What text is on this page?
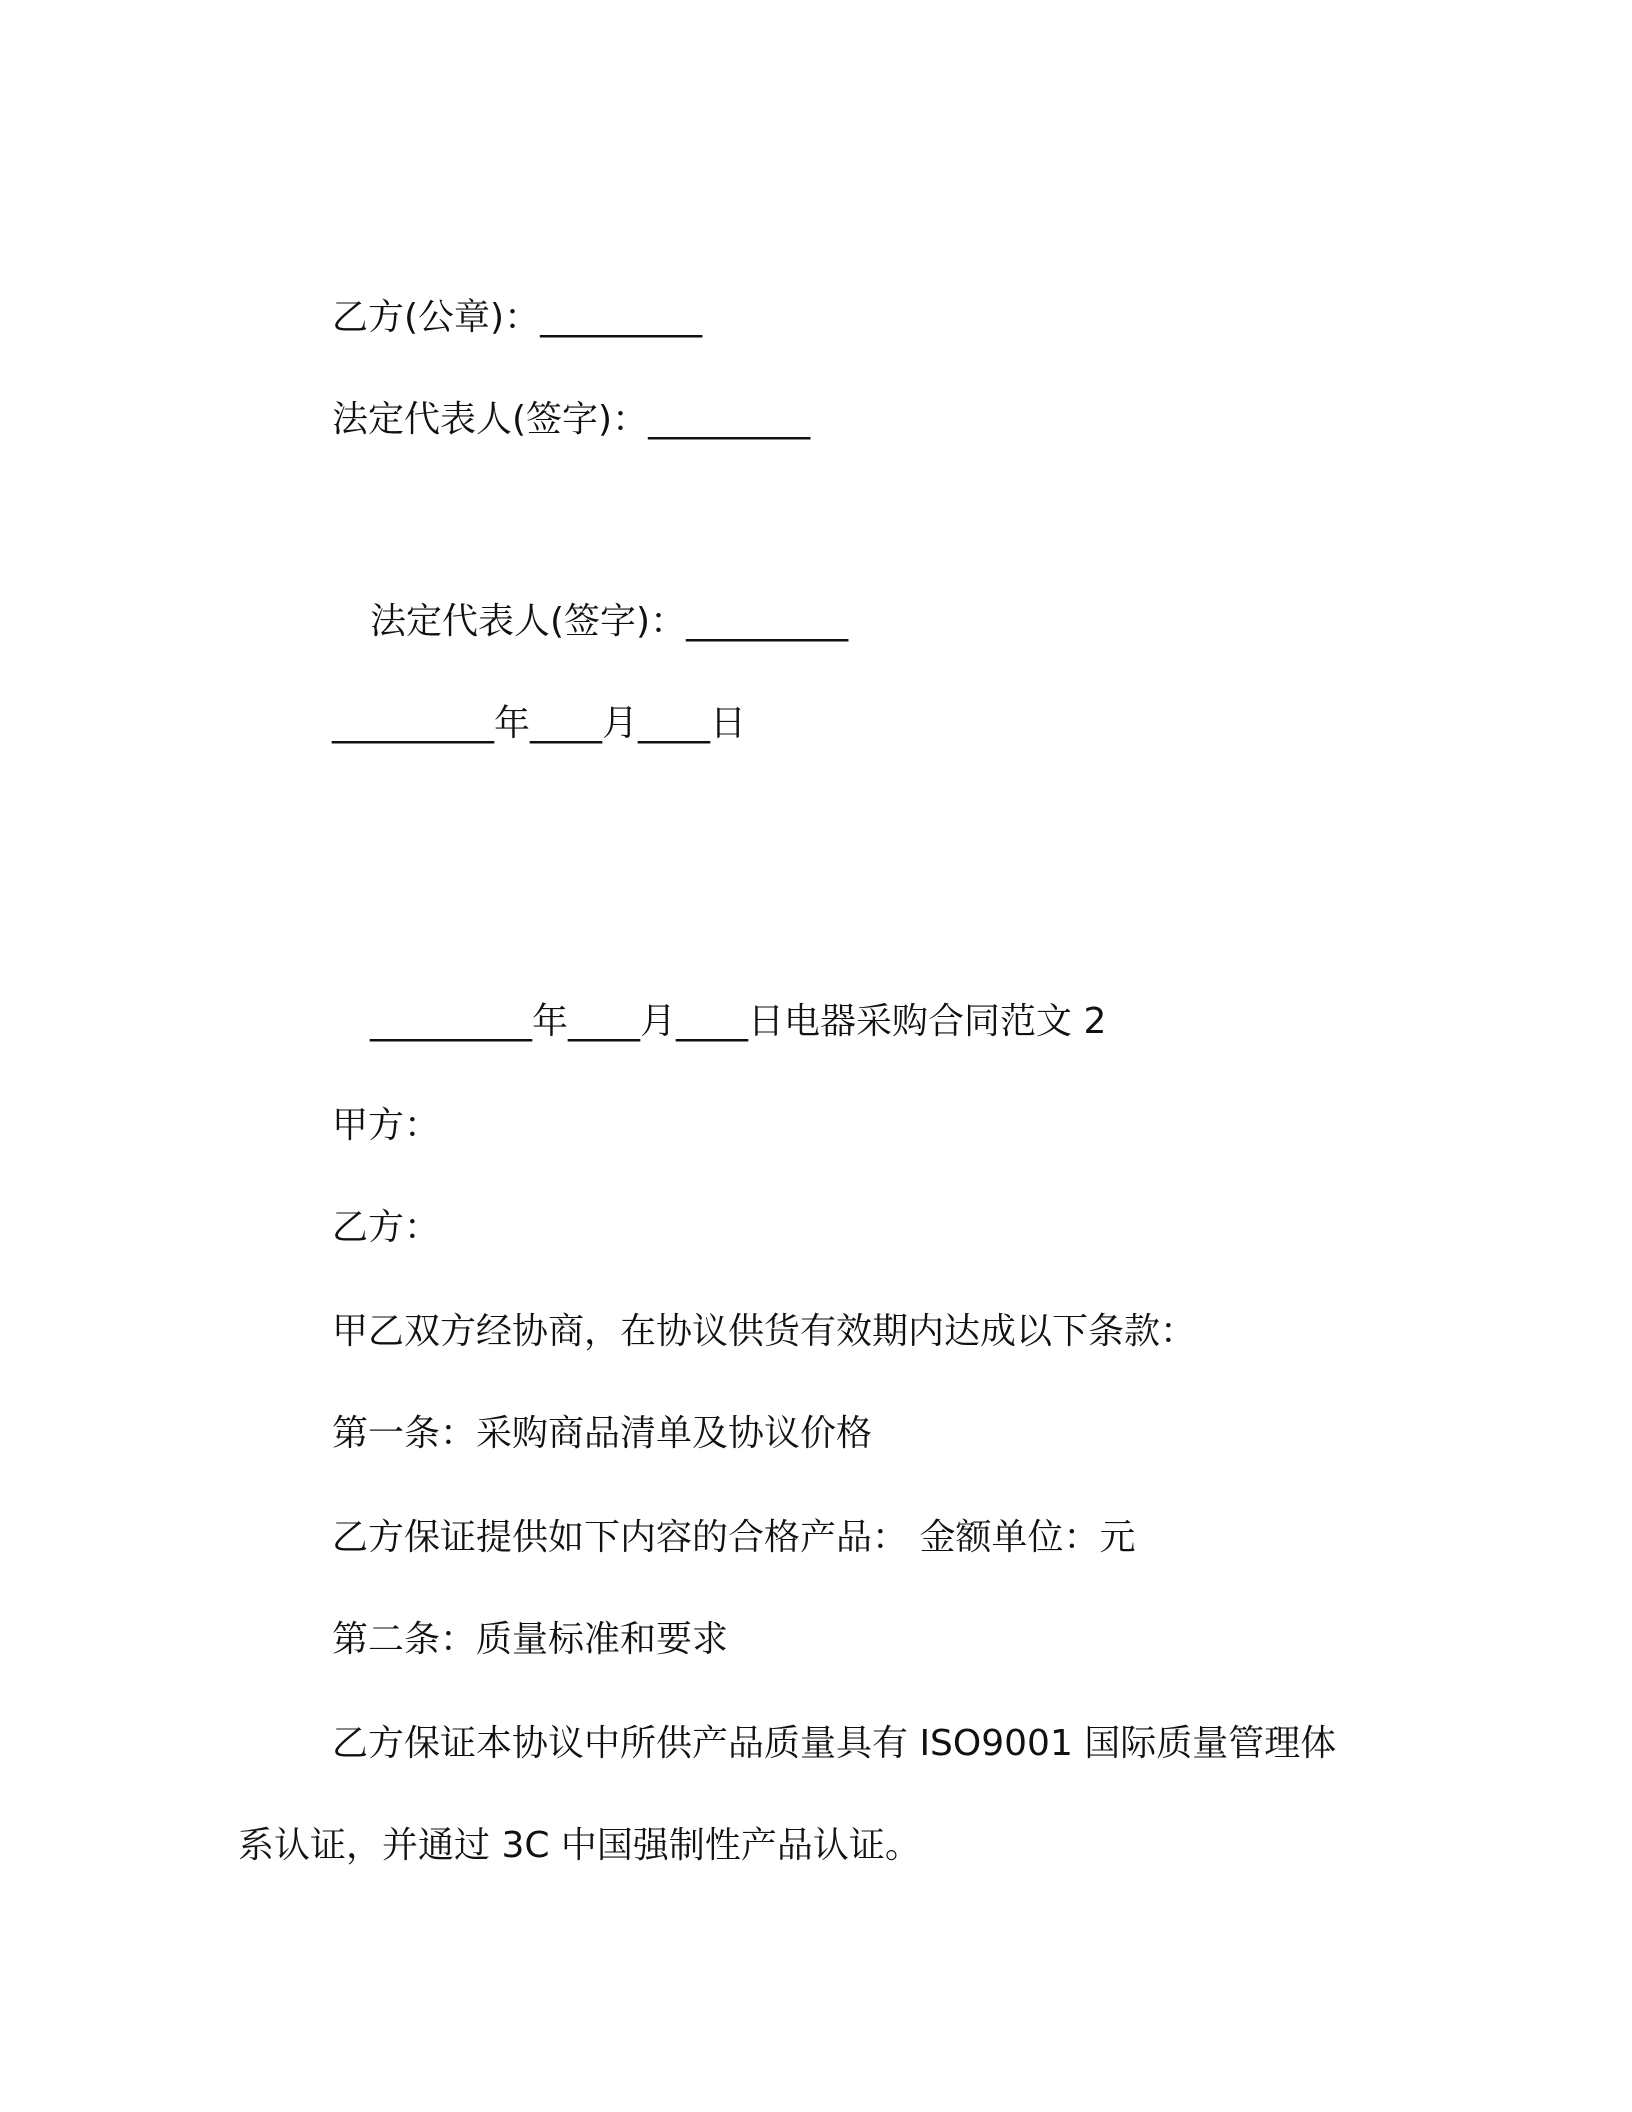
乙方(公章)：_________
法定代表人(签字)：_________
法定代表人(签字)：_________
_________年____月____日
_________年____月____日电器采购合同范文 2
甲方：
乙方：
甲乙双方经协商，在协议供货有效期内达成以下条款：
第一条：采购商品清单及协议价格
乙方保证提供如下内容的合格产品： 金额单位：元
第二条：质量标准和要求
乙方保证本协议中所供产品质量具有 ISO9001 国际质量管理体
系认证，并通过 3C 中国强制性产品认证。
